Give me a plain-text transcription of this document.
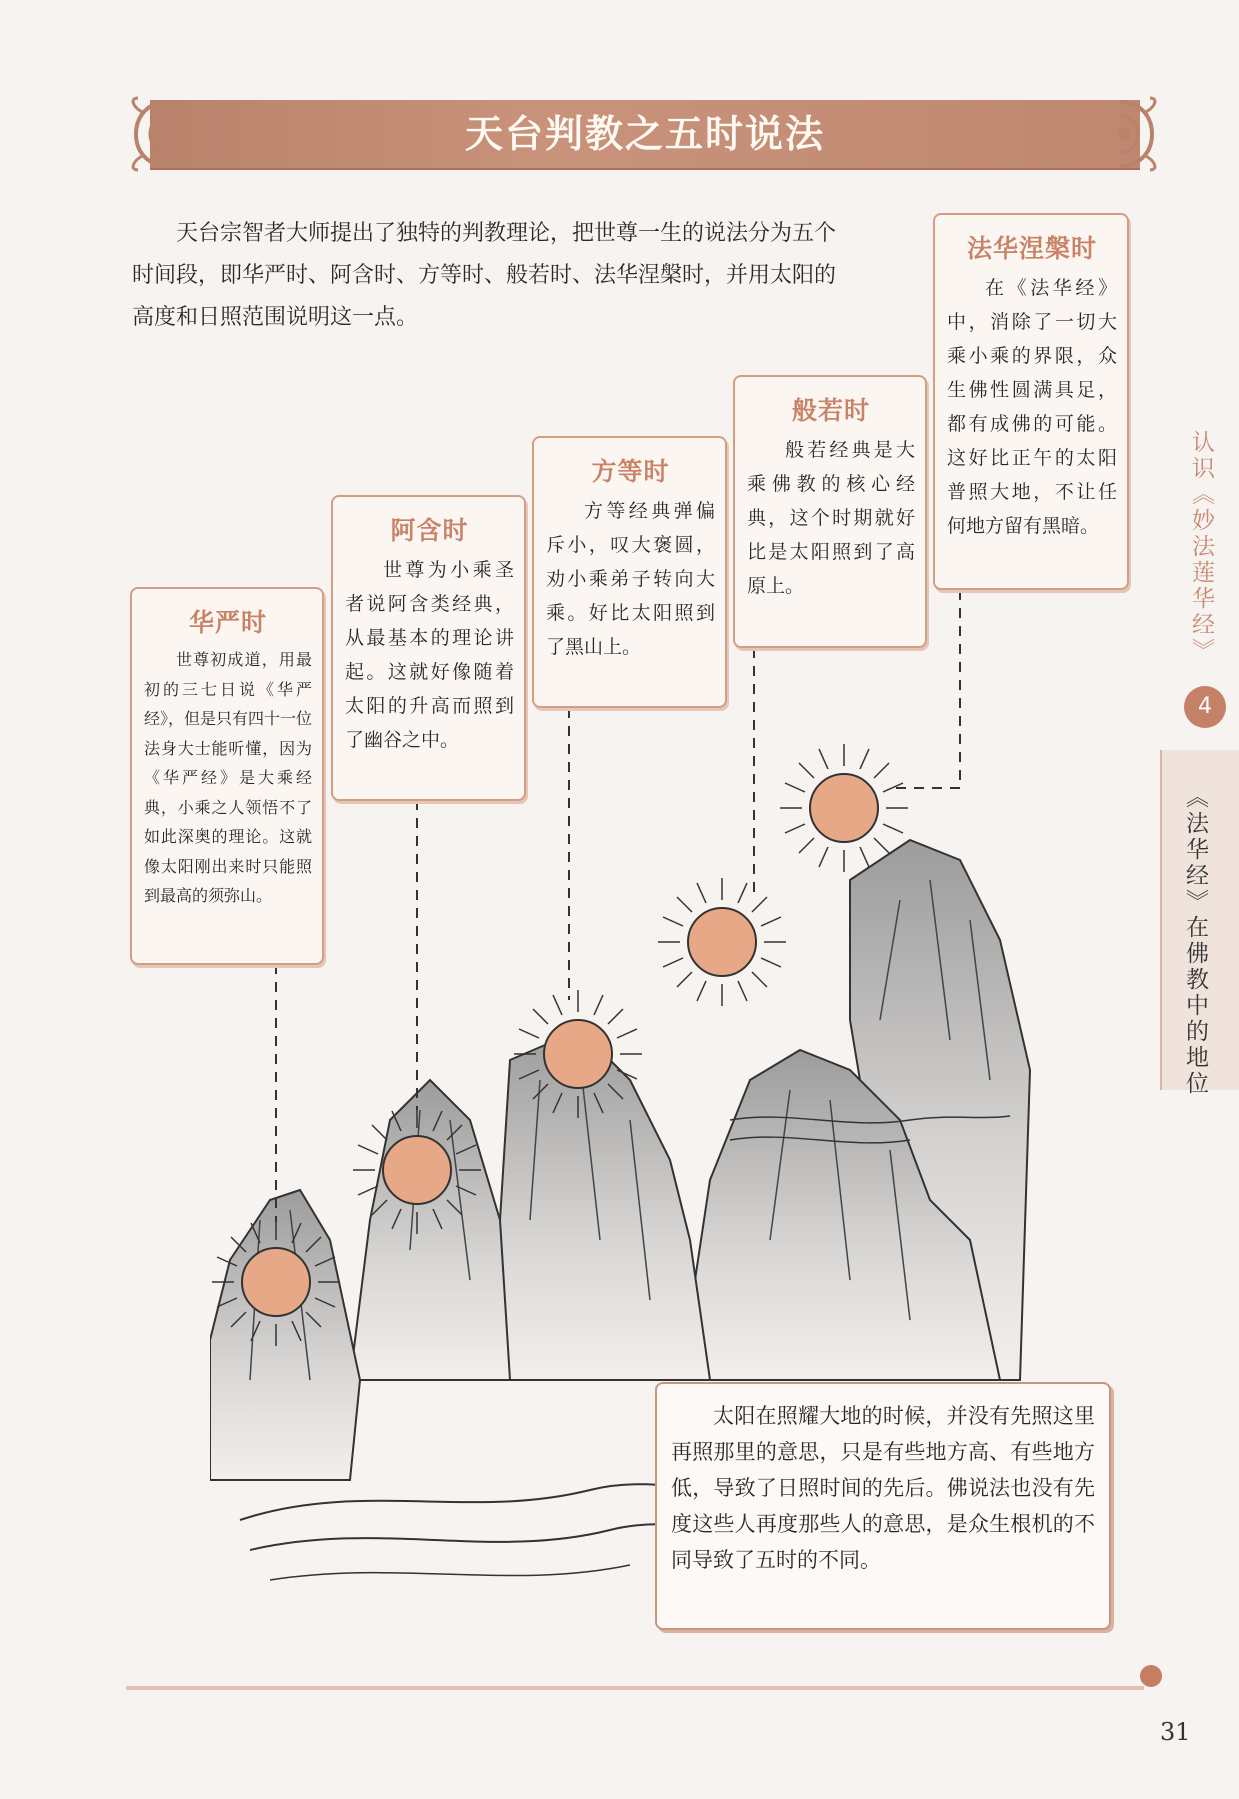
天台判教之五时说法
天台宗智者大师提出了独特的判教理论，把世尊一生的说法分为五个时间段，即华严时、阿含时、方等时、般若时、法华涅槃时，并用太阳的高度和日照范围说明这一点。
华严时
世尊初成道，用最初的三七日说《华严经》，但是只有四十一位法身大士能听懂，因为《华严经》是大乘经典，小乘之人领悟不了如此深奥的理论。这就像太阳刚出来时只能照到最高的须弥山。
阿含时
世尊为小乘圣者说阿含类经典，从最基本的理论讲起。这就好像随着太阳的升高而照到了幽谷之中。
方等时
方等经典弹偏斥小，叹大褒圆，劝小乘弟子转向大乘。好比太阳照到了黑山上。
般若时
般若经典是大乘佛教的核心经典，这个时期就好比是太阳照到了高原上。
法华涅槃时
在《法华经》中，消除了一切大乘小乘的界限，众生佛性圆满具足，都有成佛的可能。这好比正午的太阳普照大地，不让任何地方留有黑暗。
太阳在照耀大地的时候，并没有先照这里再照那里的意思，只是有些地方高、有些地方低，导致了日照时间的先后。佛说法也没有先度这些人再度那些人的意思，是众生根机的不同导致了五时的不同。
认识《妙法莲华经》
4
《法华经》在佛教中的地位
31
